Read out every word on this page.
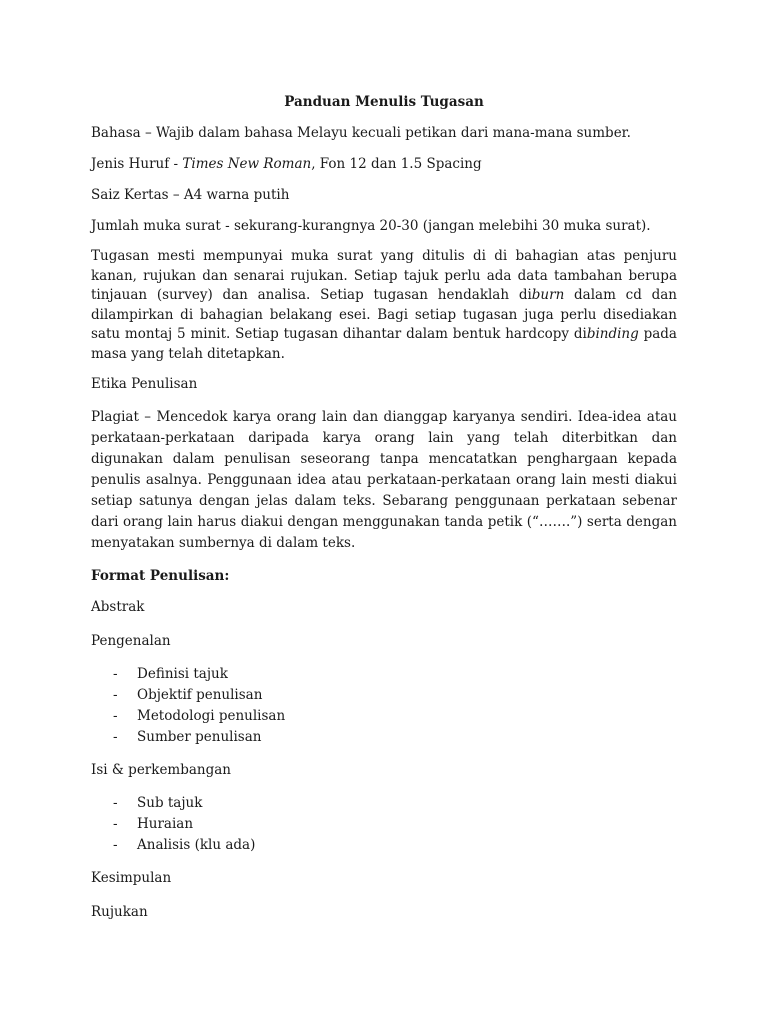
Panduan Menulis Tugasan

Bahasa – Wajib dalam bahasa Melayu kecuali petikan dari mana-mana sumber.

Jenis Huruf - Times New Roman, Fon 12 dan 1.5 Spacing

Saiz Kertas – A4 warna putih

Jumlah muka surat - sekurang-kurangnya 20-30 (jangan melebihi 30 muka surat).

Tugasan mesti mempunyai muka surat yang ditulis di di bahagian atas penjuru kanan, rujukan dan senarai rujukan. Setiap tajuk perlu ada data tambahan berupa tinjauan (survey) dan analisa. Setiap tugasan hendaklah diburn dalam cd dan dilampirkan di bahagian belakang esei. Bagi setiap tugasan juga perlu disediakan satu montaj 5 minit. Setiap tugasan dihantar dalam bentuk hardcopy dibinding pada masa yang telah ditetapkan.

Etika Penulisan

Plagiat – Mencedok karya orang lain dan dianggap karyanya sendiri. Idea-idea atau perkataan-perkataan daripada karya orang lain yang telah diterbitkan dan digunakan dalam penulisan seseorang tanpa mencatatkan penghargaan kepada penulis asalnya. Penggunaan idea atau perkataan-perkataan orang lain mesti diakui setiap satunya dengan jelas dalam teks. Sebarang penggunaan perkataan sebenar dari orang lain harus diakui dengan menggunakan tanda petik (“…….”) serta dengan menyatakan sumbernya di dalam teks.

Format Penulisan:

Abstrak

Pengenalan

- Definisi tajuk
- Objektif penulisan
- Metodologi penulisan
- Sumber penulisan

Isi & perkembangan

- Sub tajuk
- Huraian
- Analisis (klu ada)

Kesimpulan

Rujukan
